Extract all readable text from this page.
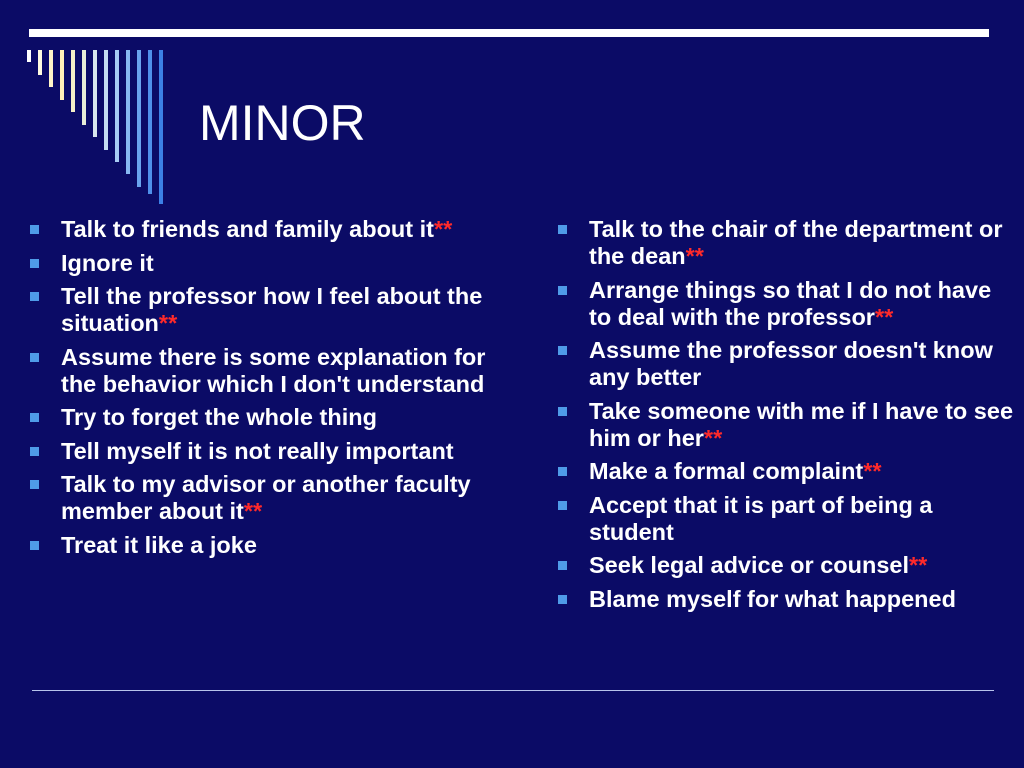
MINOR
Talk to friends and family about it**
Ignore it
Tell the professor how I feel about the situation**
Assume there is some explanation for the behavior which I don't understand
Try to forget the whole thing
Tell myself it is not really important
Talk to my advisor or another faculty member about it**
Treat it like a joke
Talk to the chair of the department or the dean**
Arrange things so that I do not have to deal with the professor**
Assume the professor doesn't know any better
Take someone with me if I have to see him or her**
Make a formal complaint**
Accept that it is part of being a student
Seek legal advice or counsel**
Blame myself for what happened
